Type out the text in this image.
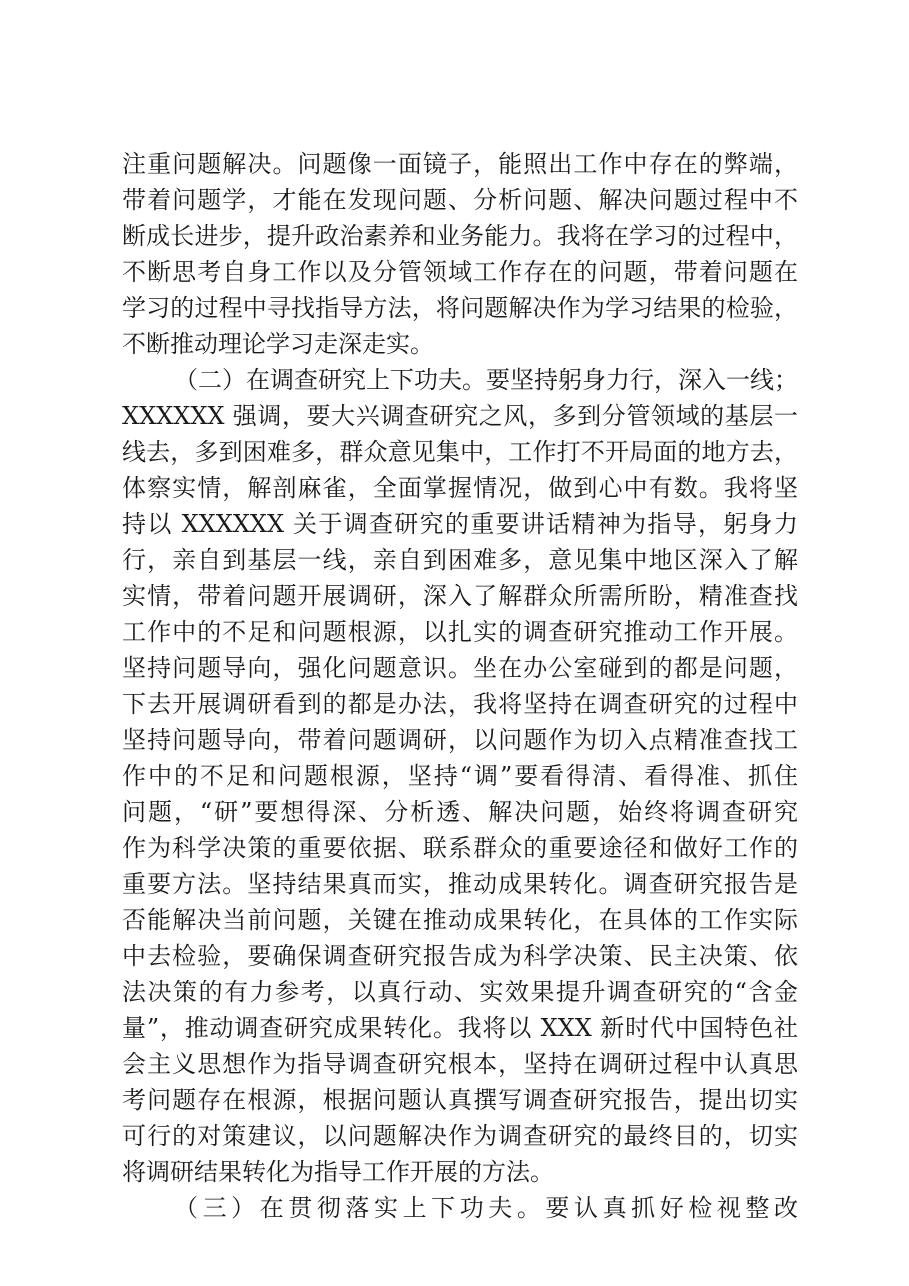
注重问题解决。问题像一面镜子，能照出工作中存在的弊端，
带着问题学，才能在发现问题、分析问题、解决问题过程中不
断成长进步，提升政治素养和业务能力。我将在学习的过程中，
不断思考自身工作以及分管领域工作存在的问题，带着问题在
学习的过程中寻找指导方法，将问题解决作为学习结果的检验，
不断推动理论学习走深走实。
（二）在调查研究上下功夫。要坚持躬身力行，深入一线；
XXXXXX 强调，要大兴调查研究之风，多到分管领域的基层一
线去，多到困难多，群众意见集中，工作打不开局面的地方去，
体察实情，解剖麻雀，全面掌握情况，做到心中有数。我将坚
持以 XXXXXX 关于调查研究的重要讲话精神为指导，躬身力
行，亲自到基层一线，亲自到困难多，意见集中地区深入了解
实情，带着问题开展调研，深入了解群众所需所盼，精准查找
工作中的不足和问题根源，以扎实的调查研究推动工作开展。
坚持问题导向，强化问题意识。坐在办公室碰到的都是问题，
下去开展调研看到的都是办法，我将坚持在调查研究的过程中
坚持问题导向，带着问题调研，以问题作为切入点精准查找工
作中的不足和问题根源，坚持“调”要看得清、看得准、抓住
问题，“研”要想得深、分析透、解决问题，始终将调查研究
作为科学决策的重要依据、联系群众的重要途径和做好工作的
重要方法。坚持结果真而实，推动成果转化。调查研究报告是
否能解决当前问题，关键在推动成果转化，在具体的工作实际
中去检验，要确保调查研究报告成为科学决策、民主决策、依
法决策的有力参考，以真行动、实效果提升调查研究的“含金
量”，推动调查研究成果转化。我将以 XXX 新时代中国特色社
会主义思想作为指导调查研究根本，坚持在调研过程中认真思
考问题存在根源，根据问题认真撰写调查研究报告，提出切实
可行的对策建议，以问题解决作为调查研究的最终目的，切实
将调研结果转化为指导工作开展的方法。
（三）在贯彻落实上下功夫。要认真抓好检视整改
